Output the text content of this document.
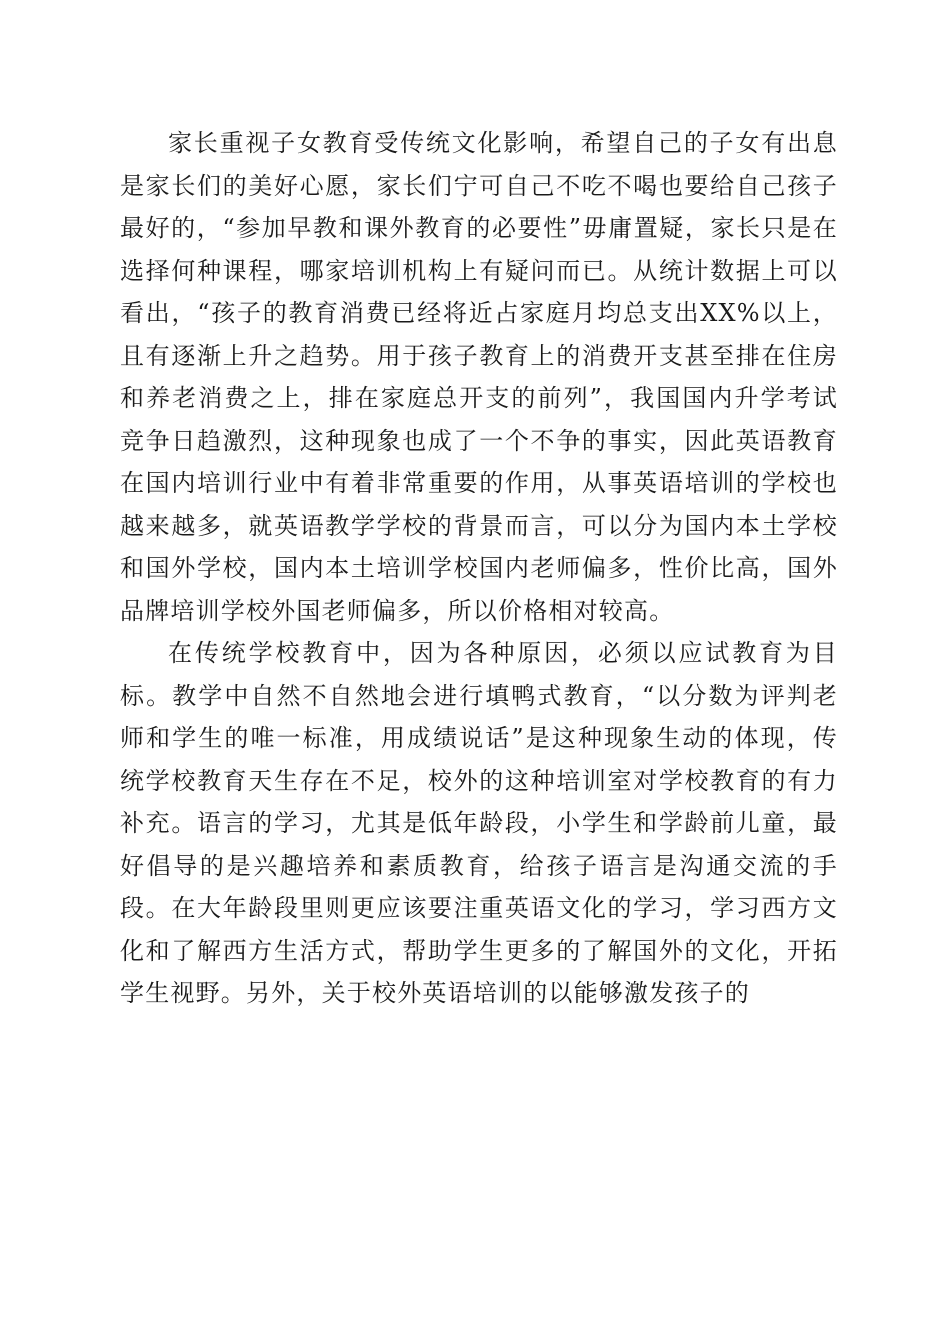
家长重视子女教育受传统文化影响，希望自己的子女有出息是家长们的美好心愿，家长们宁可自己不吃不喝也要给自己孩子最好的，“参加早教和课外教育的必要性”毋庸置疑，家长只是在选择何种课程，哪家培训机构上有疑问而已。从统计数据上可以看出，“孩子的教育消费已经将近占家庭月均总支出XX%以上，且有逐渐上升之趋势。用于孩子教育上的消费开支甚至排在住房和养老消费之上，排在家庭总开支的前列”，我国国内升学考试竞争日趋激烈，这种现象也成了一个不争的事实，因此英语教育在国内培训行业中有着非常重要的作用，从事英语培训的学校也越来越多，就英语教学学校的背景而言，可以分为国内本土学校和国外学校，国内本土培训学校国内老师偏多，性价比高，国外品牌培训学校外国老师偏多，所以价格相对较高。

在传统学校教育中，因为各种原因，必须以应试教育为目标。教学中自然不自然地会进行填鸭式教育，“以分数为评判老师和学生的唯一标准，用成绩说话”是这种现象生动的体现，传统学校教育天生存在不足，校外的这种培训室对学校教育的有力补充。语言的学习，尤其是低年龄段，小学生和学龄前儿童，最好倡导的是兴趣培养和素质教育，给孩子语言是沟通交流的手段。在大年龄段里则更应该要注重英语文化的学习，学习西方文化和了解西方生活方式，帮助学生更多的了解国外的文化，开拓学生视野。另外，关于校外英语培训的以能够激发孩子的
